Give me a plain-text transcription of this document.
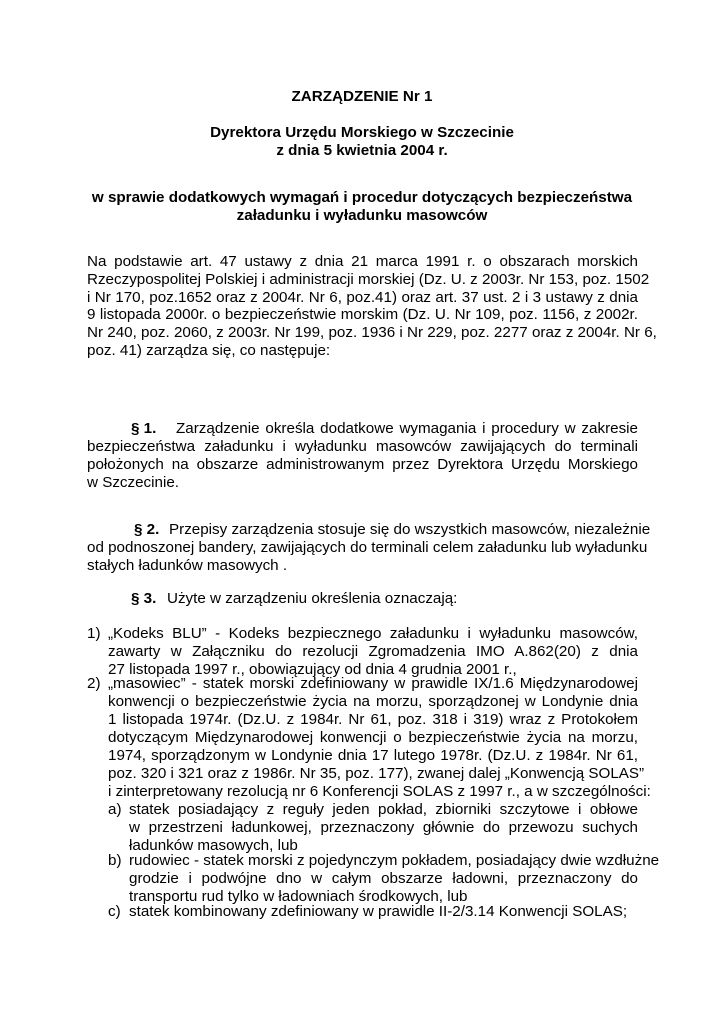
ZARZĄDZENIE Nr 1
Dyrektora Urzędu Morskiego w Szczecinie
z dnia 5 kwietnia 2004 r.
w sprawie dodatkowych wymagań i procedur dotyczących bezpieczeństwa
załadunku i wyładunku masowców
Na podstawie art. 47 ustawy z dnia 21 marca 1991 r. o obszarach morskich
Rzeczypospolitej Polskiej i administracji morskiej (Dz. U. z 2003r. Nr 153, poz. 1502
i Nr 170, poz.1652 oraz z 2004r. Nr 6, poz.41) oraz art. 37 ust. 2 i 3 ustawy z dnia
9 listopada 2000r. o bezpieczeństwie morskim (Dz. U. Nr 109, poz. 1156, z 2002r.
Nr 240, poz. 2060, z 2003r. Nr 199, poz. 1936 i Nr 229, poz. 2277 oraz z 2004r. Nr 6,
poz. 41) zarządza się, co następuje:
§ 1. Zarządzenie określa dodatkowe wymagania i procedury w zakresie
bezpieczeństwa załadunku i wyładunku masowców zawijających do terminali
położonych na obszarze administrowanym przez Dyrektora Urzędu Morskiego
w Szczecinie.
§ 2. Przepisy zarządzenia stosuje się do wszystkich masowców, niezależnie
od podnoszonej bandery, zawijających do terminali celem załadunku lub wyładunku
stałych ładunków masowych .
§ 3. Użyte w zarządzeniu określenia oznaczają:
1) „Kodeks BLU” - Kodeks bezpiecznego załadunku i wyładunku masowców,
zawarty w Załączniku do rezolucji Zgromadzenia IMO A.862(20) z dnia
27 listopada 1997 r., obowiązujący od dnia 4 grudnia 2001 r.,
2) „masowiec” - statek morski zdefiniowany w prawidle IX/1.6 Międzynarodowej
konwencji o bezpieczeństwie życia na morzu, sporządzonej w Londynie dnia
1 listopada 1974r. (Dz.U. z 1984r. Nr 61, poz. 318 i 319) wraz z Protokołem
dotyczącym Międzynarodowej konwencji o bezpieczeństwie życia na morzu,
1974, sporządzonym w Londynie dnia 17 lutego 1978r. (Dz.U. z 1984r. Nr 61,
poz. 320 i 321 oraz z 1986r. Nr 35, poz. 177), zwanej dalej „Konwencją SOLAS”
i zinterpretowany rezolucją nr 6 Konferencji SOLAS z 1997 r., a w szczególności:
a) statek posiadający z reguły jeden pokład, zbiorniki szczytowe i obłowe
w przestrzeni ładunkowej, przeznaczony głównie do przewozu suchych
ładunków masowych, lub
b) rudowiec - statek morski z pojedynczym pokładem, posiadający dwie wzdłużne
grodzie i podwójne dno w całym obszarze ładowni, przeznaczony do
transportu rud tylko w ładowniach środkowych, lub
c) statek kombinowany zdefiniowany w prawidle II-2/3.14 Konwencji SOLAS;
